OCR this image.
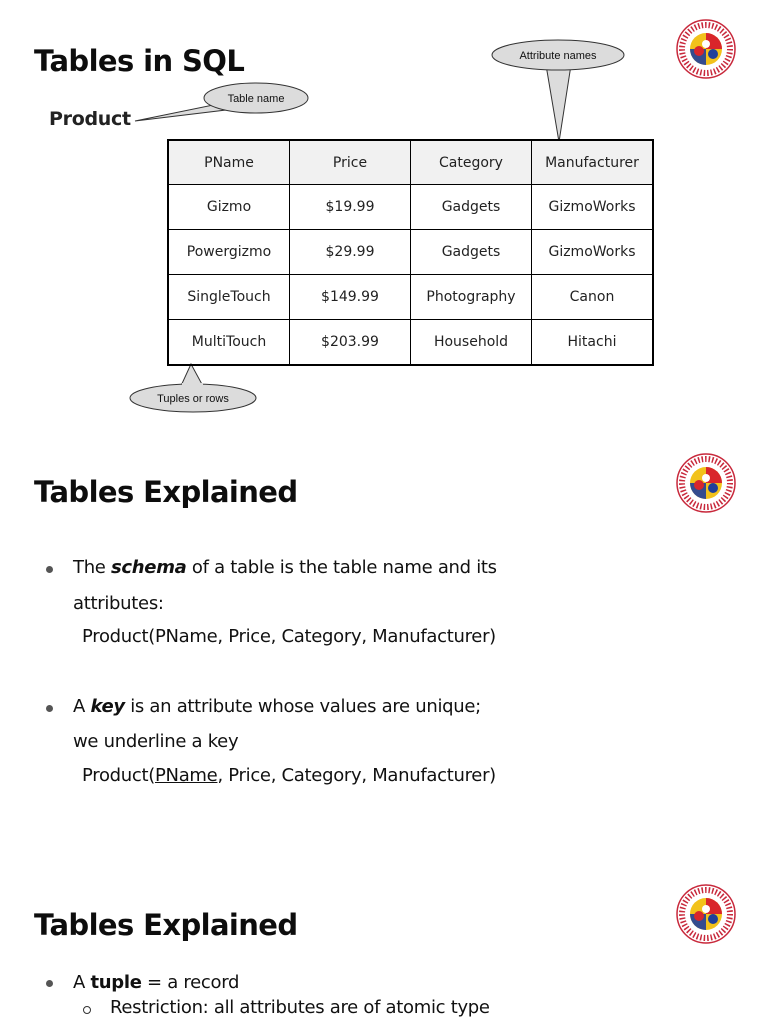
Tables in SQL
Product
Table name
Attribute names
Tuples or rows
PName	Price	Category	Manufacturer
Gizmo	$19.99	Gadgets	GizmoWorks
Powergizmo	$29.99	Gadgets	GizmoWorks
SingleTouch	$149.99	Photography	Canon
MultiTouch	$203.99	Household	Hitachi
Tables Explained
The schema of a table is the table name and its
attributes:
Product(PName, Price, Category, Manufacturer)
A key is an attribute whose values are unique;
we underline a key
Product(PName, Price, Category, Manufacturer)
Tables Explained
A tuple = a record
Restriction: all attributes are of atomic type
